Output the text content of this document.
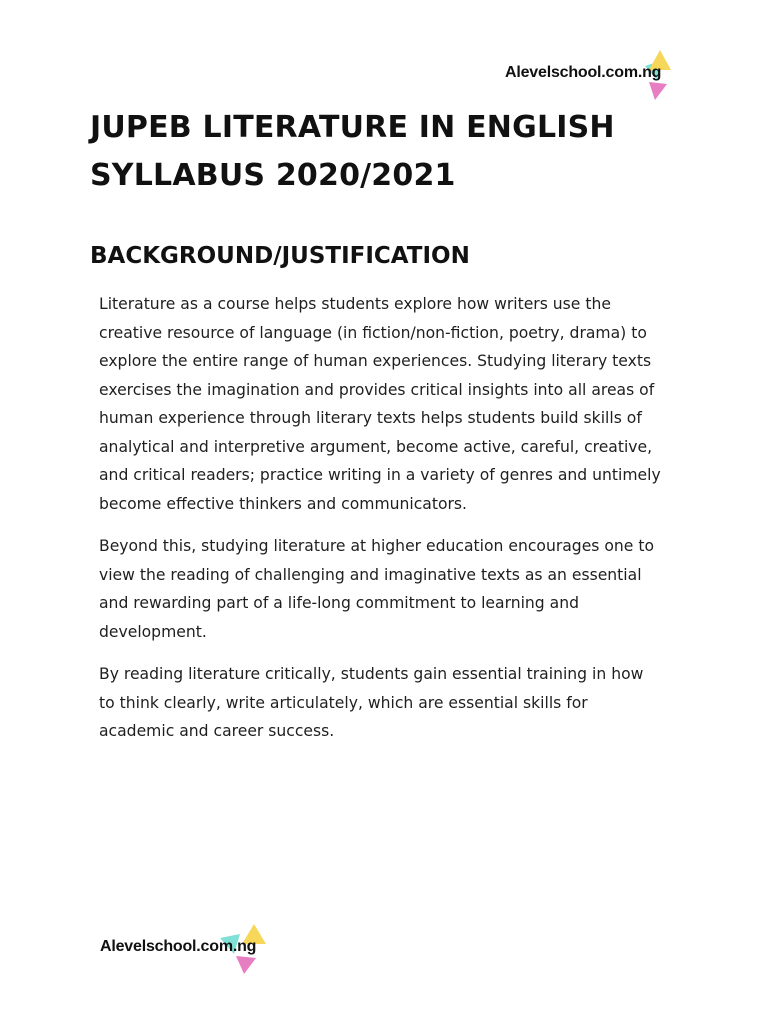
Alevelschool.com.ng
JUPEB LITERATURE IN ENGLISH
SYLLABUS 2020/2021
BACKGROUND/JUSTIFICATION

Literature as a course helps students explore how writers use the
creative resource of language (in fiction/non-fiction, poetry, drama) to
explore the entire range of human experiences. Studying literary texts
exercises the imagination and provides critical insights into all areas of
human experience through literary texts helps students build skills of
analytical and interpretive argument, become active, careful, creative,
and critical readers; practice writing in a variety of genres and untimely
become effective thinkers and communicators.

Beyond this, studying literature at higher education encourages one to
view the reading of challenging and imaginative texts as an essential
and rewarding part of a life-long commitment to learning and
development.

By reading literature critically, students gain essential training in how
to think clearly, write articulately, which are essential skills for
academic and career success.

Alevelschool.com.ng
